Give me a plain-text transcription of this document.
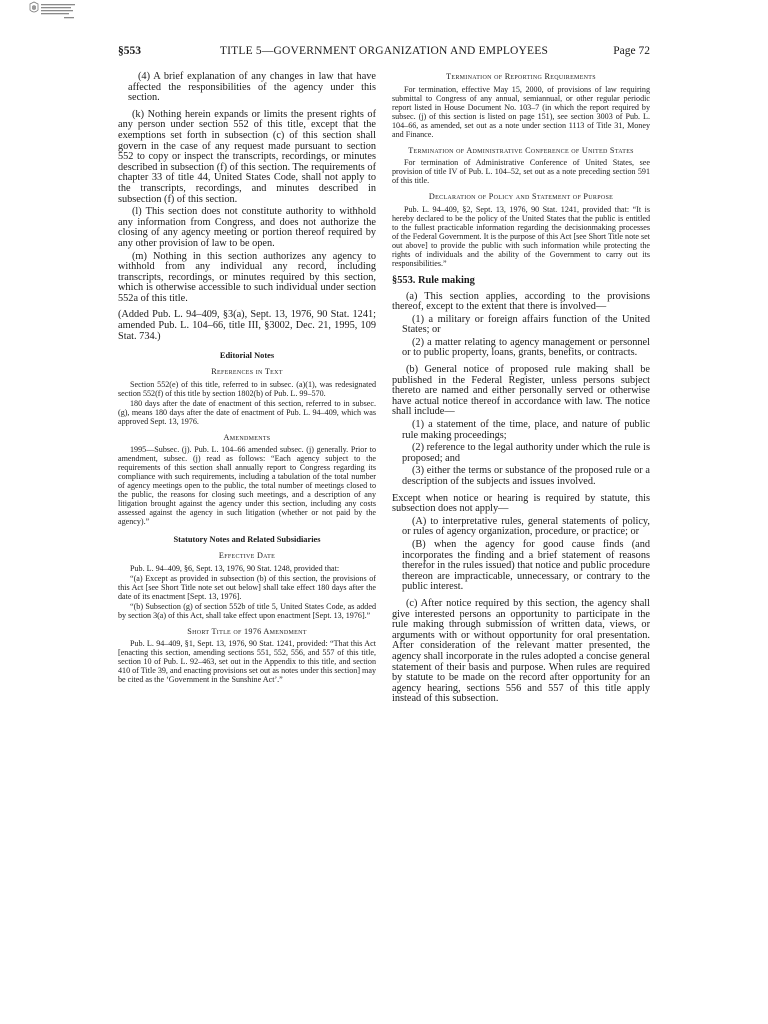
§553	TITLE 5—GOVERNMENT ORGANIZATION AND EMPLOYEES	Page 72

(4) A brief explanation of any changes in law that have affected the responsibilities of the agency under this section.

(k) Nothing herein expands or limits the present rights of any person under section 552 of this title, except that the exemptions set forth in subsection (c) of this section shall govern in the case of any request made pursuant to section 552 to copy or inspect the transcripts, recordings, or minutes described in subsection (f) of this section. The requirements of chapter 33 of title 44, United States Code, shall not apply to the transcripts, recordings, and minutes described in subsection (f) of this section.

(l) This section does not constitute authority to withhold any information from Congress, and does not authorize the closing of any agency meeting or portion thereof required by any other provision of law to be open.

(m) Nothing in this section authorizes any agency to withhold from any individual any record, including transcripts, recordings, or minutes required by this section, which is otherwise accessible to such individual under section 552a of this title.

(Added Pub. L. 94–409, §3(a), Sept. 13, 1976, 90 Stat. 1241; amended Pub. L. 104–66, title III, §3002, Dec. 21, 1995, 109 Stat. 734.)

Editorial Notes
References in Text

Section 552(e) of this title, referred to in subsec. (a)(1), was redesignated section 552(f) of this title by section 1802(b) of Pub. L. 99–570.

180 days after the date of enactment of this section, referred to in subsec. (g), means 180 days after the date of enactment of Pub. L. 94–409, which was approved Sept. 13, 1976.

Amendments

1995—Subsec. (j). Pub. L. 104–66 amended subsec. (j) generally. Prior to amendment, subsec. (j) read as follows: “Each agency subject to the requirements of this section shall annually report to Congress regarding its compliance with such requirements, including a tabulation of the total number of agency meetings open to the public, the total number of meetings closed to the public, the reasons for closing such meetings, and a description of any litigation brought against the agency under this section, including any costs assessed against the agency in such litigation (whether or not paid by the agency).”

Statutory Notes and Related Subsidiaries
Effective Date

Pub. L. 94–409, §6, Sept. 13, 1976, 90 Stat. 1248, provided that:

“(a) Except as provided in subsection (b) of this section, the provisions of this Act [see Short Title note set out below] shall take effect 180 days after the date of its enactment [Sept. 13, 1976].

“(b) Subsection (g) of section 552b of title 5, United States Code, as added by section 3(a) of this Act, shall take effect upon enactment [Sept. 13, 1976].”

Short Title of 1976 Amendment

Pub. L. 94–409, §1, Sept. 13, 1976, 90 Stat. 1241, provided: “That this Act [enacting this section, amending sections 551, 552, 556, and 557 of this title, section 10 of Pub. L. 92–463, set out in the Appendix to this title, and section 410 of Title 39, and enacting provisions set out as notes under this section] may be cited as the ‘Government in the Sunshine Act’.”

Termination of Reporting Requirements

For termination, effective May 15, 2000, of provisions of law requiring submittal to Congress of any annual, semiannual, or other regular periodic report listed in House Document No. 103–7 (in which the report required by subsec. (j) of this section is listed on page 151), see section 3003 of Pub. L. 104–66, as amended, set out as a note under section 1113 of Title 31, Money and Finance.

Termination of Administrative Conference of United States

For termination of Administrative Conference of United States, see provision of title IV of Pub. L. 104–52, set out as a note preceding section 591 of this title.

Declaration of Policy and Statement of Purpose

Pub. L. 94–409, §2, Sept. 13, 1976, 90 Stat. 1241, provided that: “It is hereby declared to be the policy of the United States that the public is entitled to the fullest practicable information regarding the decisionmaking processes of the Federal Government. It is the purpose of this Act [see Short Title note set out above] to provide the public with such information while protecting the rights of individuals and the ability of the Government to carry out its responsibilities.”

§553. Rule making

(a) This section applies, according to the provisions thereof, except to the extent that there is involved—

(1) a military or foreign affairs function of the United States; or

(2) a matter relating to agency management or personnel or to public property, loans, grants, benefits, or contracts.

(b) General notice of proposed rule making shall be published in the Federal Register, unless persons subject thereto are named and either personally served or otherwise have actual notice thereof in accordance with law. The notice shall include—

(1) a statement of the time, place, and nature of public rule making proceedings;

(2) reference to the legal authority under which the rule is proposed; and

(3) either the terms or substance of the proposed rule or a description of the subjects and issues involved.

Except when notice or hearing is required by statute, this subsection does not apply—

(A) to interpretative rules, general statements of policy, or rules of agency organization, procedure, or practice; or

(B) when the agency for good cause finds (and incorporates the finding and a brief statement of reasons therefor in the rules issued) that notice and public procedure thereon are impracticable, unnecessary, or contrary to the public interest.

(c) After notice required by this section, the agency shall give interested persons an opportunity to participate in the rule making through submission of written data, views, or arguments with or without opportunity for oral presentation. After consideration of the relevant matter presented, the agency shall incorporate in the rules adopted a concise general statement of their basis and purpose. When rules are required by statute to be made on the record after opportunity for an agency hearing, sections 556 and 557 of this title apply instead of this subsection.
